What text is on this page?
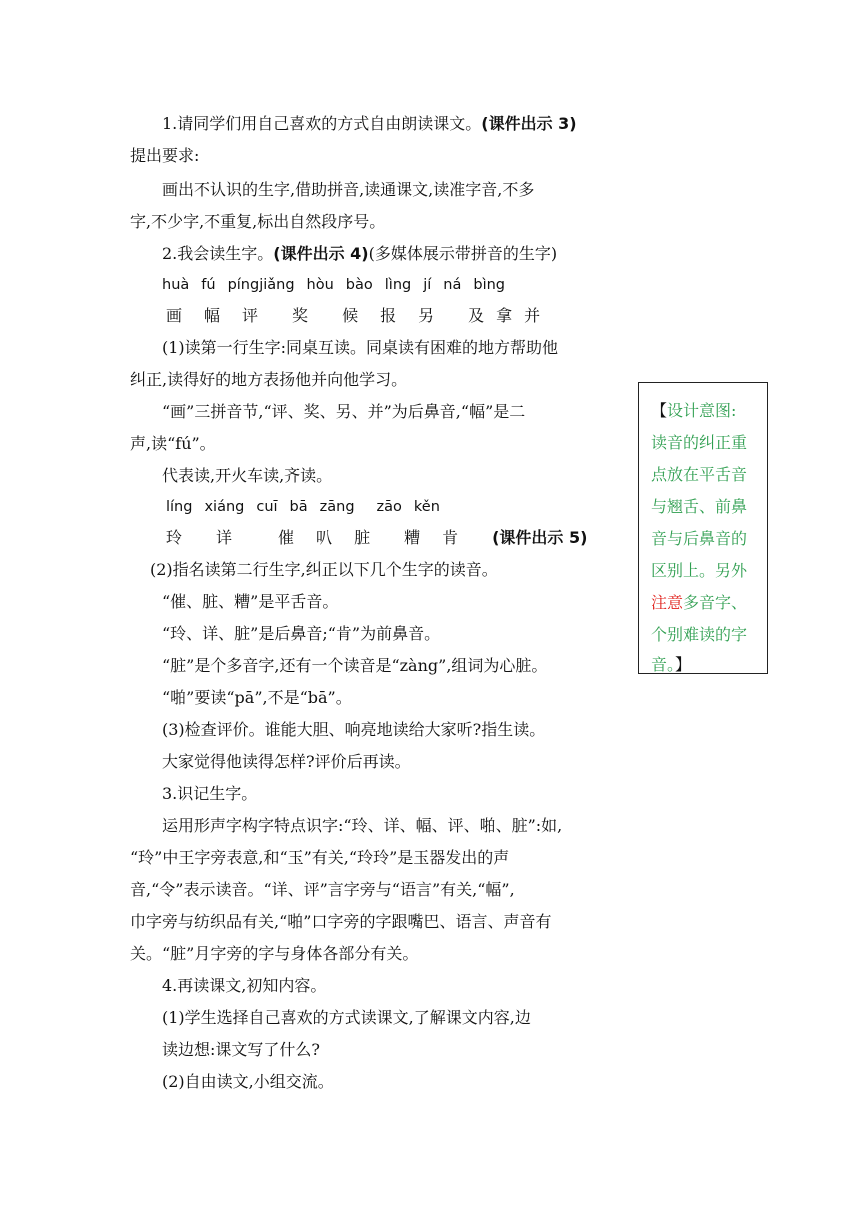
1.请同学们用自己喜欢的方式自由朗读课文。(课件出示 3)
提出要求:
画出不认识的生字,借助拼音,读通课文,读准字音,不多
字,不少字,不重复,标出自然段序号。
2.我会读生字。(课件出示 4)(多媒体展示带拼音的生字)
huà fú píngjiǎng hòu bào lìng jí ná bìng
画 幅 评 奖 候 报 另 及 拿 并
(1)读第一行生字:同桌互读。同桌读有困难的地方帮助他
纠正,读得好的地方表扬他并向他学习。
“画”三拼音节,“评、奖、另、并”为后鼻音,“幅”是二
声,读“fú”。
代表读,开火车读,齐读。
líng xiáng cuī bā zāng zāo kěn
玲 详	催 叭 脏 糟 肯 (课件出示 5)
(2)指名读第二行生字,纠正以下几个生字的读音。
“催、脏、糟”是平舌音。
“玲、详、脏”是后鼻音;“肯”为前鼻音。
“脏”是个多音字,还有一个读音是“zàng”,组词为心脏。
“啪”要读“pā”,不是“bā”。
(3)检查评价。谁能大胆、响亮地读给大家听?指生读。
大家觉得他读得怎样?评价后再读。
3.识记生字。
运用形声字构字特点识字:“玲、详、幅、评、啪、脏”:如,
“玲”中王字旁表意,和“玉”有关,“玲玲”是玉器发出的声
音,“令”表示读音。“详、评”言字旁与“语言”有关,“幅”,
巾字旁与纺织品有关,“啪”口字旁的字跟嘴巴、语言、声音有
关。“脏”月字旁的字与身体各部分有关。
4.再读课文,初知内容。
(1)学生选择自己喜欢的方式读课文,了解课文内容,边
读边想:课文写了什么?
(2)自由读文,小组交流。
【设计意图:
读音的纠正重
点放在平舌音
与翘舌、前鼻
音与后鼻音的
区别上。另外
注意多音字、
个别难读的字
音。】
